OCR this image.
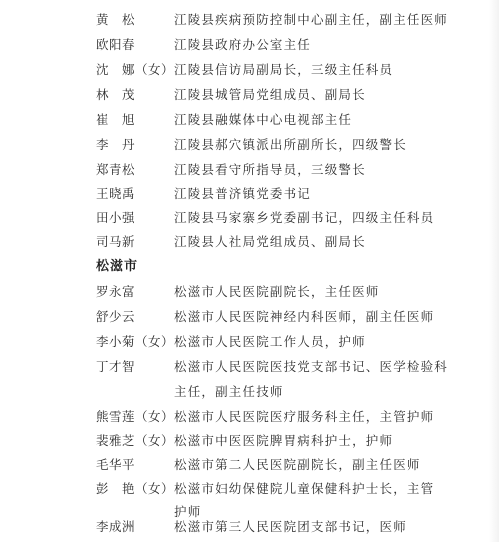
黄　松	江陵县疾病预防控制中心副主任，副主任医师
欧阳春	江陵县政府办公室主任
沈　娜（女） 江陵县信访局副局长，三级主任科员
林　茂	江陵县城管局党组成员、副局长
崔　旭	江陵县融媒体中心电视部主任
李　丹	江陵县郝穴镇派出所副所长，四级警长
郑青松	江陵县看守所指导员，三级警长
王晓禹	江陵县普济镇党委书记
田小强	江陵县马家寨乡党委副书记，四级主任科员
司马新	江陵县人社局党组成员、副局长
松滋市
罗永富	松滋市人民医院副院长，主任医师
舒少云	松滋市人民医院神经内科医师，副主任医师
李小菊（女） 松滋市人民医院工作人员，护师
丁才智	松滋市人民医院医技党支部书记、医学检验科
主任，副主任技师
熊雪莲（女） 松滋市人民医院医疗服务科主任，主管护师
裴雅芝（女） 松滋市中医医院脾胃病科护士，护师
毛华平	松滋市第二人民医院副院长，副主任医师
彭　艳（女） 松滋市妇幼保健院儿童保健科护士长，主管
护师
李成洲	松滋市第三人民医院团支部书记，医师
